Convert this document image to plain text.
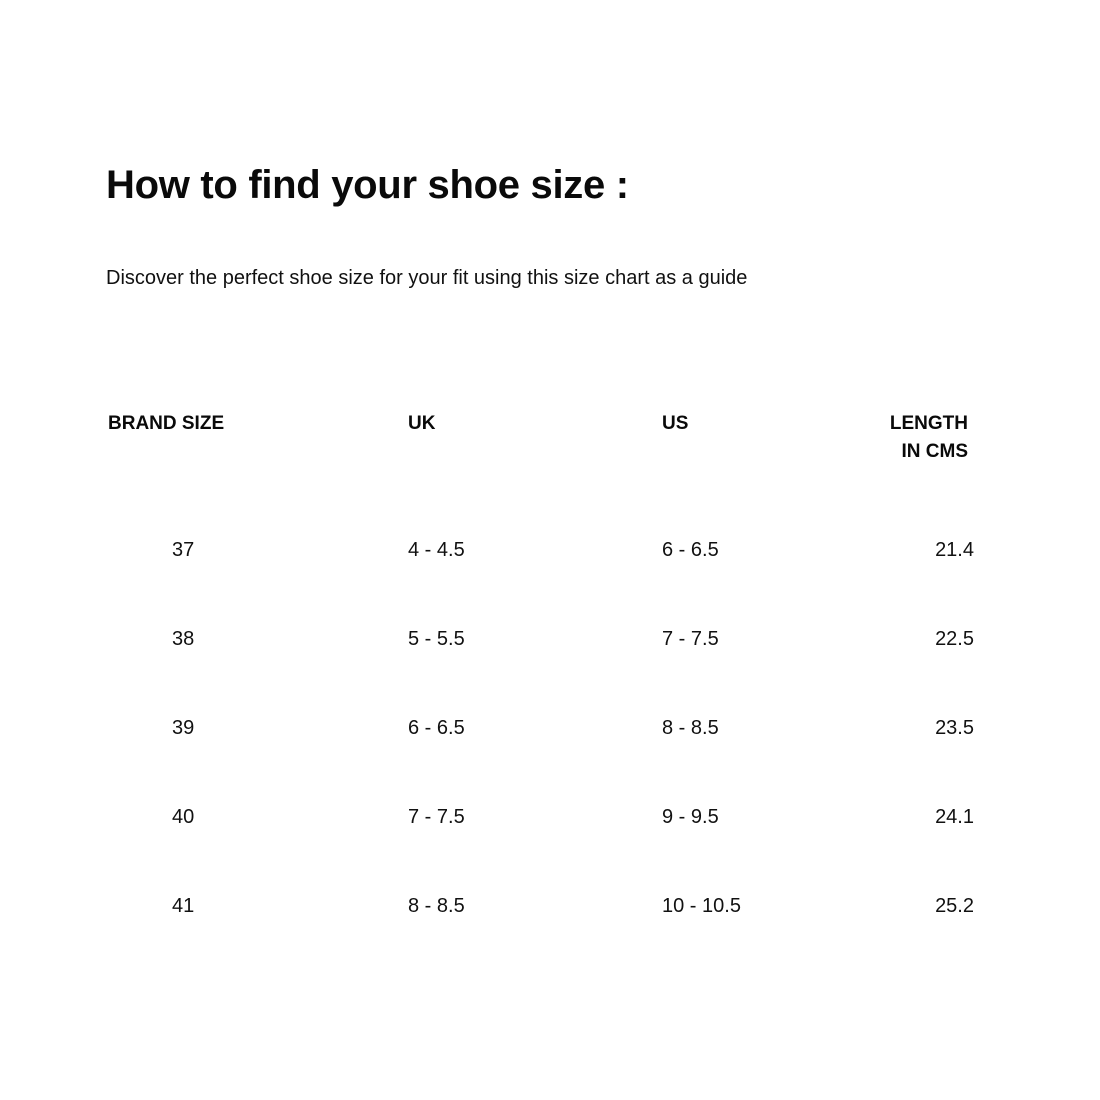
How to find your shoe size :

Discover the perfect shoe size for your fit using this size chart as a guide

BRAND SIZE	UK	US	LENGTH IN CMS
37	4 - 4.5	6 - 6.5	21.4
38	5 - 5.5	7 - 7.5	22.5
39	6 - 6.5	8 - 8.5	23.5
40	7 - 7.5	9 - 9.5	24.1
41	8 - 8.5	10 - 10.5	25.2
